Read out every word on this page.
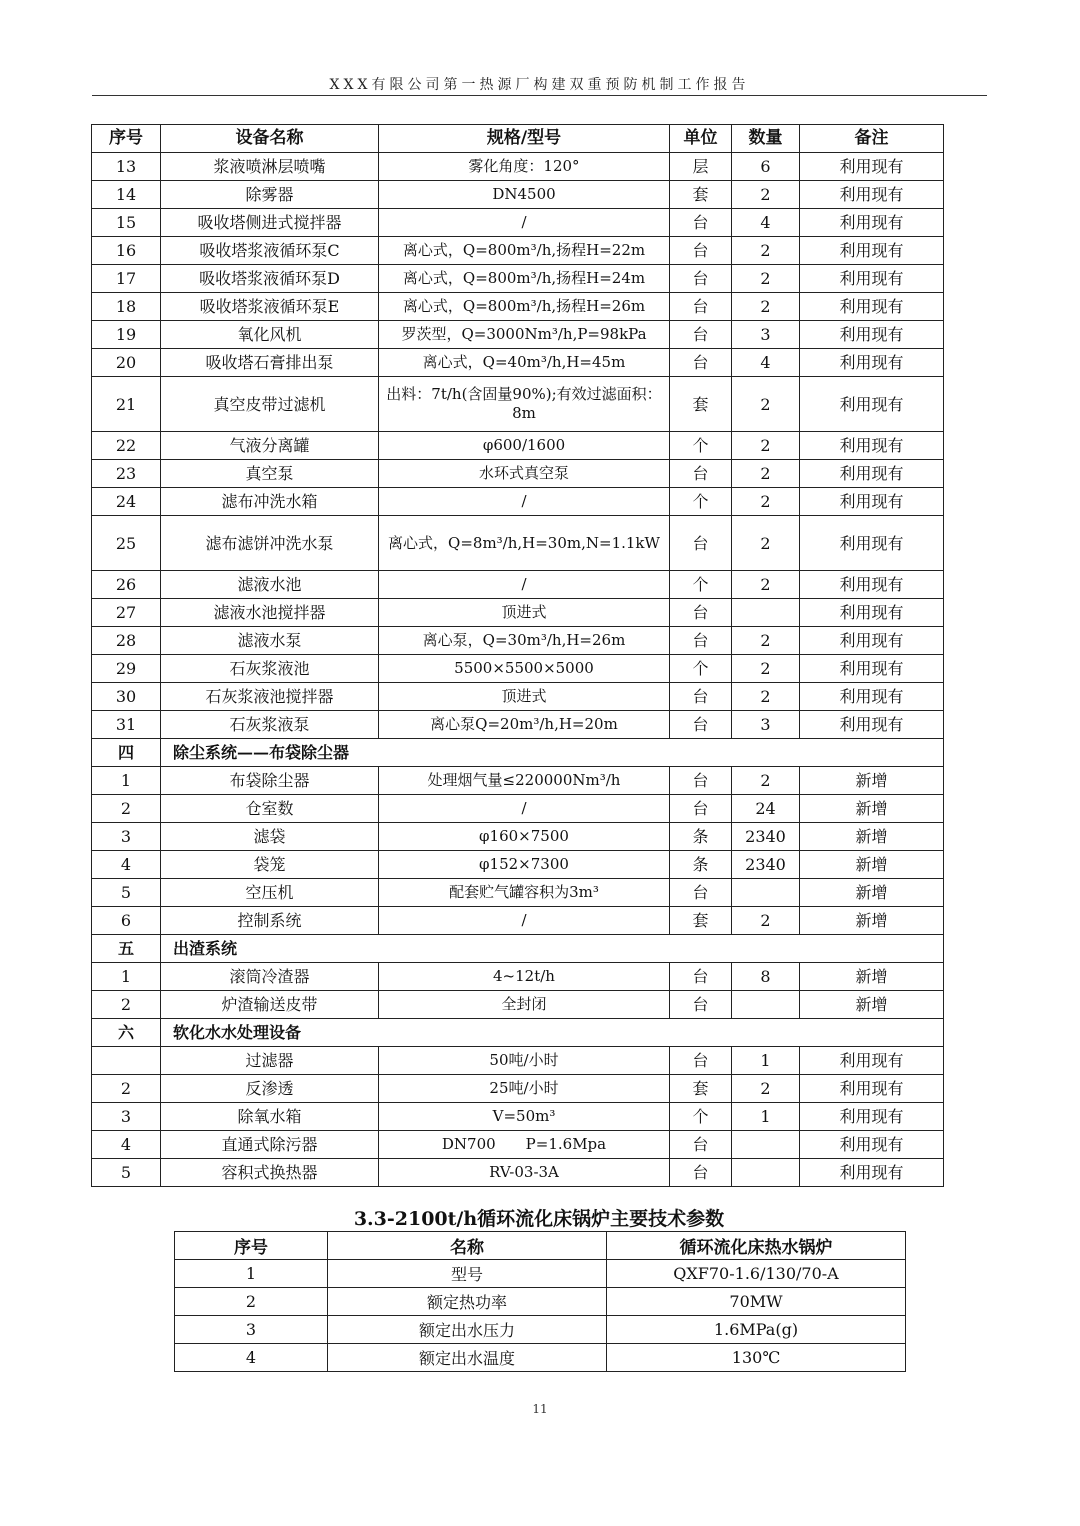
XXX有限公司第一热源厂构建双重预防机制工作报告
序号	设备名称	规格/型号	单位	数量	备注
13	浆液喷淋层喷嘴	雾化角度：120°	层	6	利用现有
14	除雾器	DN4500	套	2	利用现有
15	吸收塔侧进式搅拌器	/	台	4	利用现有
16	吸收塔浆液循环泵C	离心式，Q=800m³/h,扬程H=22m	台	2	利用现有
17	吸收塔浆液循环泵D	离心式，Q=800m³/h,扬程H=24m	台	2	利用现有
18	吸收塔浆液循环泵E	离心式，Q=800m³/h,扬程H=26m	台	2	利用现有
19	氧化风机	罗茨型，Q=3000Nm³/h,P=98kPa	台	3	利用现有
20	吸收塔石膏排出泵	离心式，Q=40m³/h,H=45m	台	4	利用现有
21	真空皮带过滤机	出料：7t/h(含固量90%);有效过滤面积：8m	套	2	利用现有
22	气液分离罐	φ600/1600	个	2	利用现有
23	真空泵	水环式真空泵	台	2	利用现有
24	滤布冲洗水箱	/	个	2	利用现有
25	滤布滤饼冲洗水泵	离心式，Q=8m³/h,H=30m,N=1.1kW	台	2	利用现有
26	滤液水池	/	个	2	利用现有
27	滤液水池搅拌器	顶进式	台		利用现有
28	滤液水泵	离心泵，Q=30m³/h,H=26m	台	2	利用现有
29	石灰浆液池	5500×5500×5000	个	2	利用现有
30	石灰浆液池搅拌器	顶进式	台	2	利用现有
31	石灰浆液泵	离心泵Q=20m³/h,H=20m	台	3	利用现有
四	除尘系统——布袋除尘器				
1	布袋除尘器	处理烟气量≤220000Nm³/h	台	2	新增
2	仓室数	/	台	24	新增
3	滤袋	φ160×7500	条	2340	新增
4	袋笼	φ152×7300	条	2340	新增
5	空压机	配套贮气罐容积为3m³	台		新增
6	控制系统	/	套	2	新增
五	出渣系统				
1	滚筒冷渣器	4~12t/h	台	8	新增
2	炉渣输送皮带	全封闭	台		新增
六	软化水水处理设备				
	过滤器	50吨/小时	台	1	利用现有
2	反渗透	25吨/小时	套	2	利用现有
3	除氧水箱	V=50m³	个	1	利用现有
4	直通式除污器	DN700　　P=1.6Mpa	台		利用现有
5	容积式换热器	RV-03-3A	台		利用现有
3.3-2100t/h循环流化床锅炉主要技术参数
序号	名称	循环流化床热水锅炉
1	型号	QXF70-1.6/130/70-A
2	额定热功率	70MW
3	额定出水压力	1.6MPa(g)
4	额定出水温度	130℃
11
